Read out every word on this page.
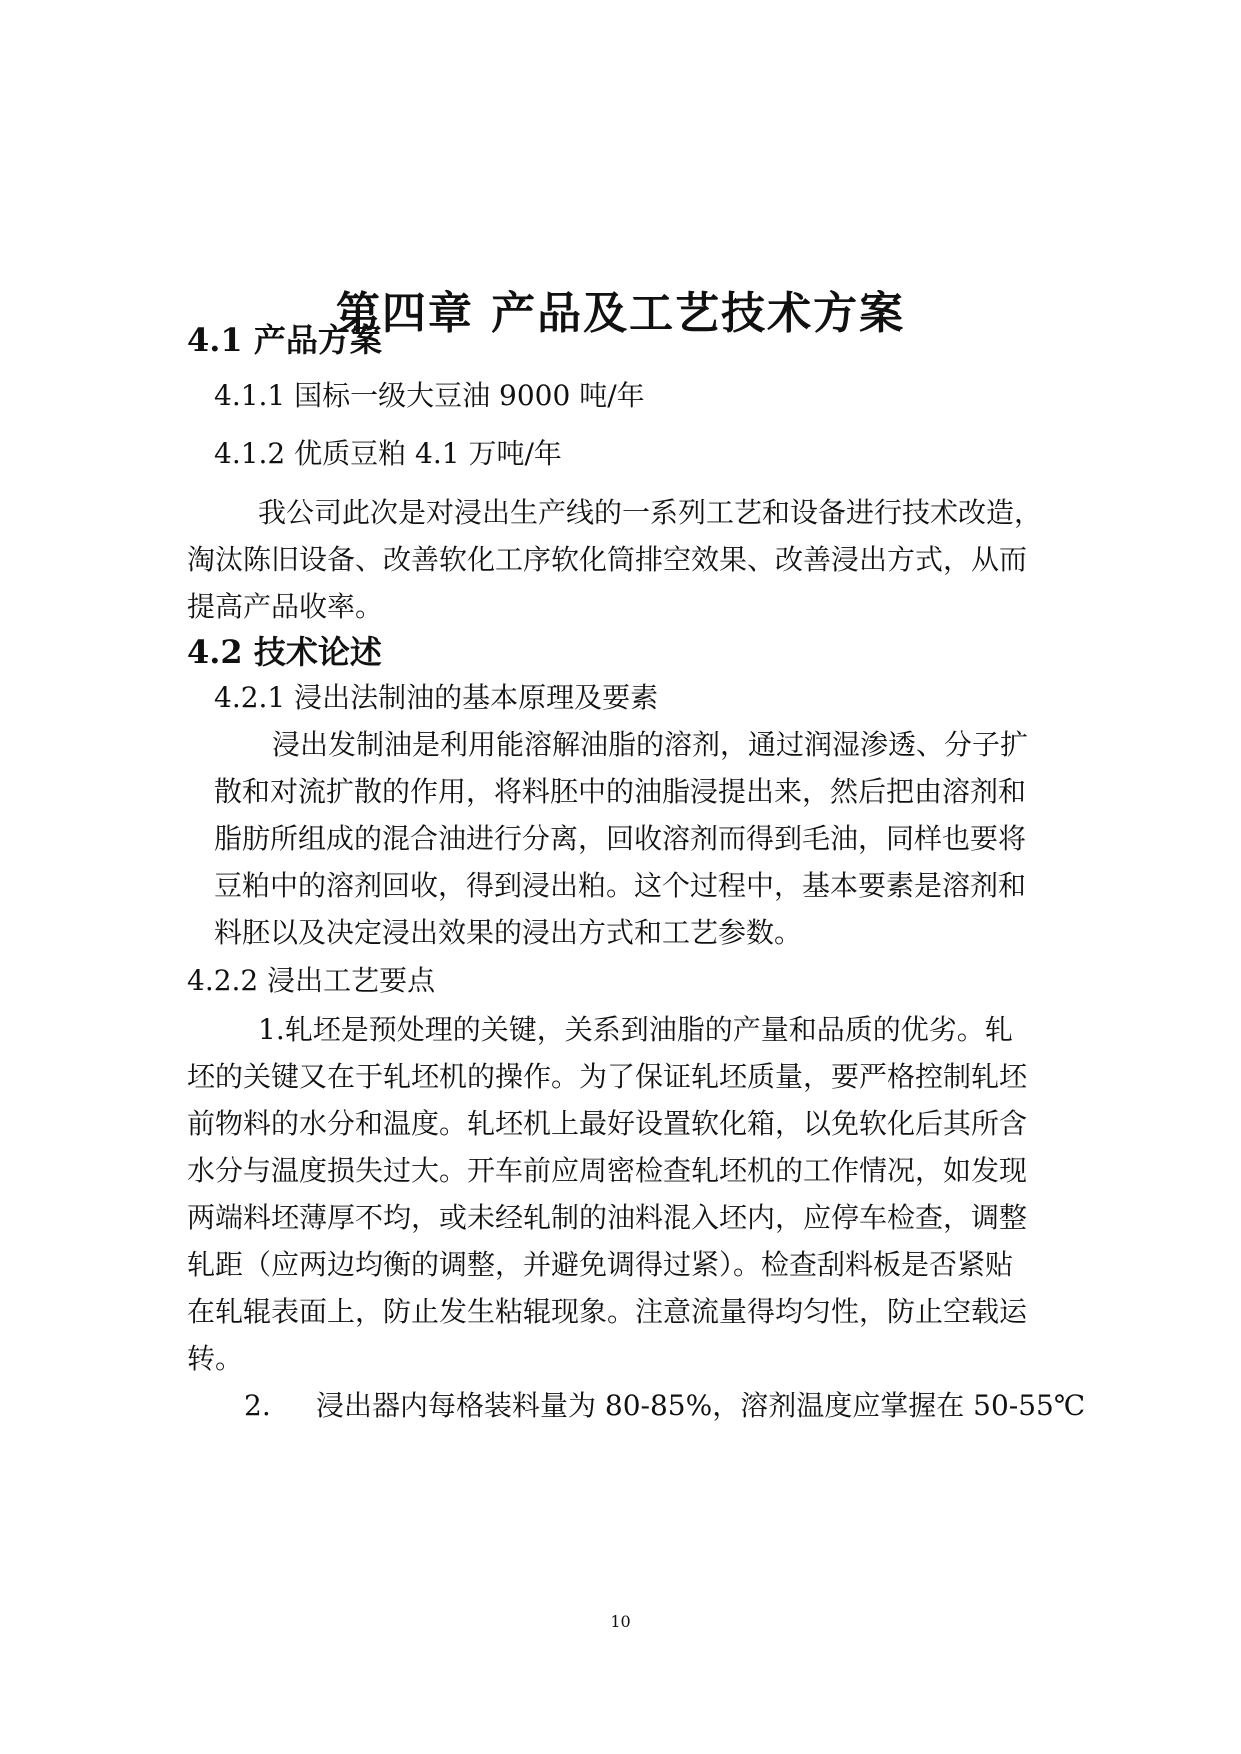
第四章 产品及工艺技术方案
4.1 产品方案
4.1.1 国标一级大豆油 9000 吨/年
4.1.2 优质豆粕 4.1 万吨/年
我公司此次是对浸出生产线的一系列工艺和设备进行技术改造，
淘汰陈旧设备、改善软化工序软化筒排空效果、改善浸出方式，从而
提高产品收率。
4.2 技术论述
4.2.1 浸出法制油的基本原理及要素
浸出发制油是利用能溶解油脂的溶剂，通过润湿渗透、分子扩
散和对流扩散的作用，将料胚中的油脂浸提出来，然后把由溶剂和
脂肪所组成的混合油进行分离，回收溶剂而得到毛油，同样也要将
豆粕中的溶剂回收，得到浸出粕。这个过程中，基本要素是溶剂和
料胚以及决定浸出效果的浸出方式和工艺参数。
4.2.2 浸出工艺要点
1.轧坯是预处理的关键，关系到油脂的产量和品质的优劣。轧
坯的关键又在于轧坯机的操作。为了保证轧坯质量，要严格控制轧坯
前物料的水分和温度。轧坯机上最好设置软化箱，以免软化后其所含
水分与温度损失过大。开车前应周密检查轧坯机的工作情况，如发现
两端料坯薄厚不均，或未经轧制的油料混入坯内，应停车检查，调整
轧距（应两边均衡的调整，并避免调得过紧）。检查刮料板是否紧贴
在轧辊表面上，防止发生粘辊现象。注意流量得均匀性，防止空载运
转。
2. 浸出器内每格装料量为 80-85%，溶剂温度应掌握在 50-55℃
10
